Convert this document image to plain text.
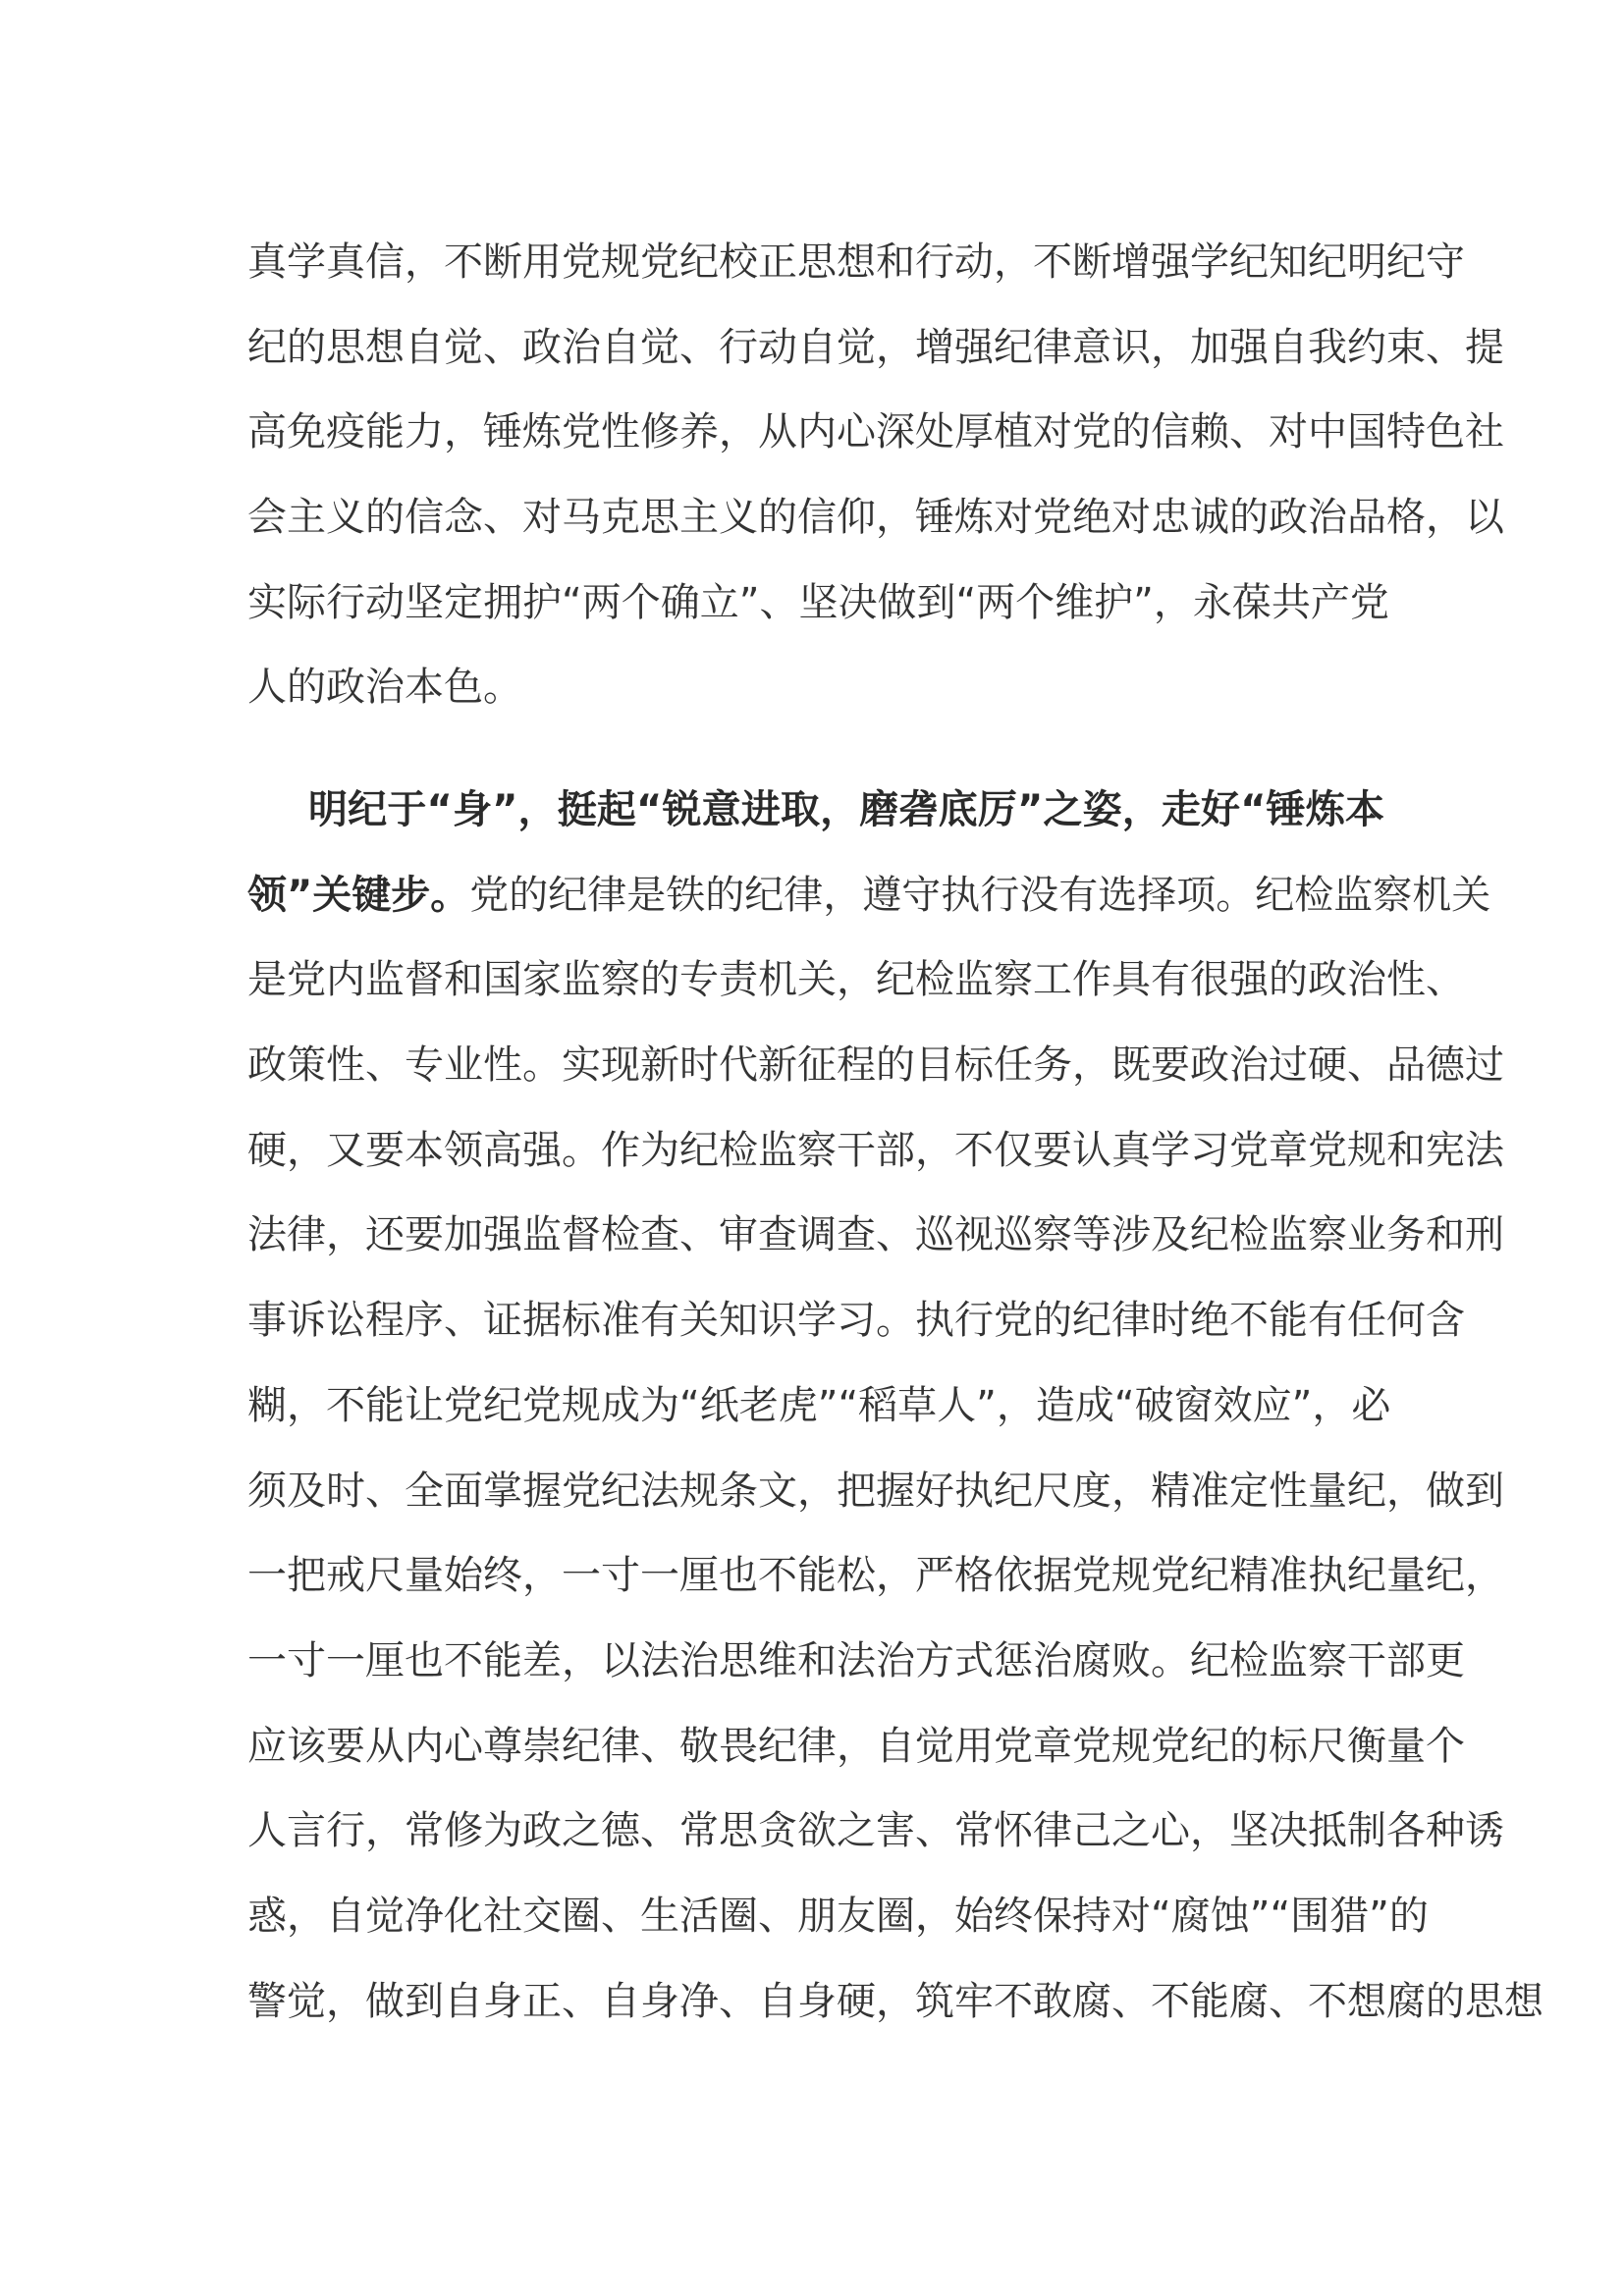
真学真信，不断用党规党纪校正思想和行动，不断增强学纪知纪明纪守
纪的思想自觉、政治自觉、行动自觉，增强纪律意识，加强自我约束、提
高免疫能力，锤炼党性修养，从内心深处厚植对党的信赖、对中国特色社
会主义的信念、对马克思主义的信仰，锤炼对党绝对忠诚的政治品格，以
实际行动坚定拥护“两个确立”、坚决做到“两个维护”，永葆共产党
人的政治本色。
明纪于“身”，挺起“锐意进取，磨砻底厉”之姿，走好“锤炼本
领”关键步。党的纪律是铁的纪律，遵守执行没有选择项。纪检监察机关
是党内监督和国家监察的专责机关，纪检监察工作具有很强的政治性、
政策性、专业性。实现新时代新征程的目标任务，既要政治过硬、品德过
硬，又要本领高强。作为纪检监察干部，不仅要认真学习党章党规和宪法
法律，还要加强监督检查、审查调查、巡视巡察等涉及纪检监察业务和刑
事诉讼程序、证据标准有关知识学习。执行党的纪律时绝不能有任何含
糊，不能让党纪党规成为“纸老虎”“稻草人”，造成“破窗效应”，必
须及时、全面掌握党纪法规条文，把握好执纪尺度，精准定性量纪，做到
一把戒尺量始终，一寸一厘也不能松，严格依据党规党纪精准执纪量纪，
一寸一厘也不能差，以法治思维和法治方式惩治腐败。纪检监察干部更
应该要从内心尊崇纪律、敬畏纪律，自觉用党章党规党纪的标尺衡量个
人言行，常修为政之德、常思贪欲之害、常怀律己之心，坚决抵制各种诱
惑，自觉净化社交圈、生活圈、朋友圈，始终保持对“腐蚀”“围猎”的
警觉，做到自身正、自身净、自身硬，筑牢不敢腐、不能腐、不想腐的思想
